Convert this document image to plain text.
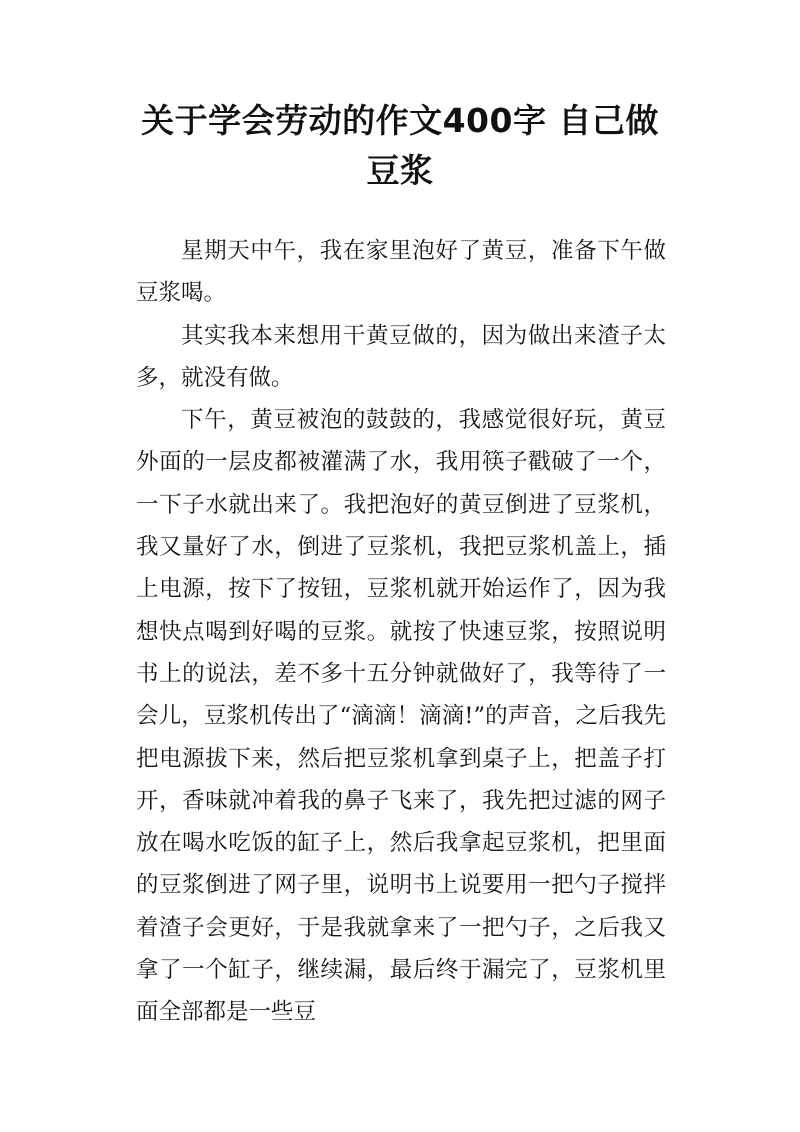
关于学会劳动的作文400字 自己做豆浆

星期天中午，我在家里泡好了黄豆，准备下午做豆浆喝。

其实我本来想用干黄豆做的，因为做出来渣子太多，就没有做。

下午，黄豆被泡的鼓鼓的，我感觉很好玩，黄豆外面的一层皮都被灌满了水，我用筷子戳破了一个，一下子水就出来了。我把泡好的黄豆倒进了豆浆机，我又量好了水，倒进了豆浆机，我把豆浆机盖上，插上电源，按下了按钮，豆浆机就开始运作了，因为我想快点喝到好喝的豆浆。就按了快速豆浆，按照说明书上的说法，差不多十五分钟就做好了，我等待了一会儿，豆浆机传出了“滴滴！滴滴!”的声音，之后我先把电源拔下来，然后把豆浆机拿到桌子上，把盖子打开，香味就冲着我的鼻子飞来了，我先把过滤的网子放在喝水吃饭的缸子上，然后我拿起豆浆机，把里面的豆浆倒进了网子里，说明书上说要用一把勺子搅拌着渣子会更好，于是我就拿来了一把勺子，之后我又拿了一个缸子，继续漏，最后终于漏完了，豆浆机里面全部都是一些豆
